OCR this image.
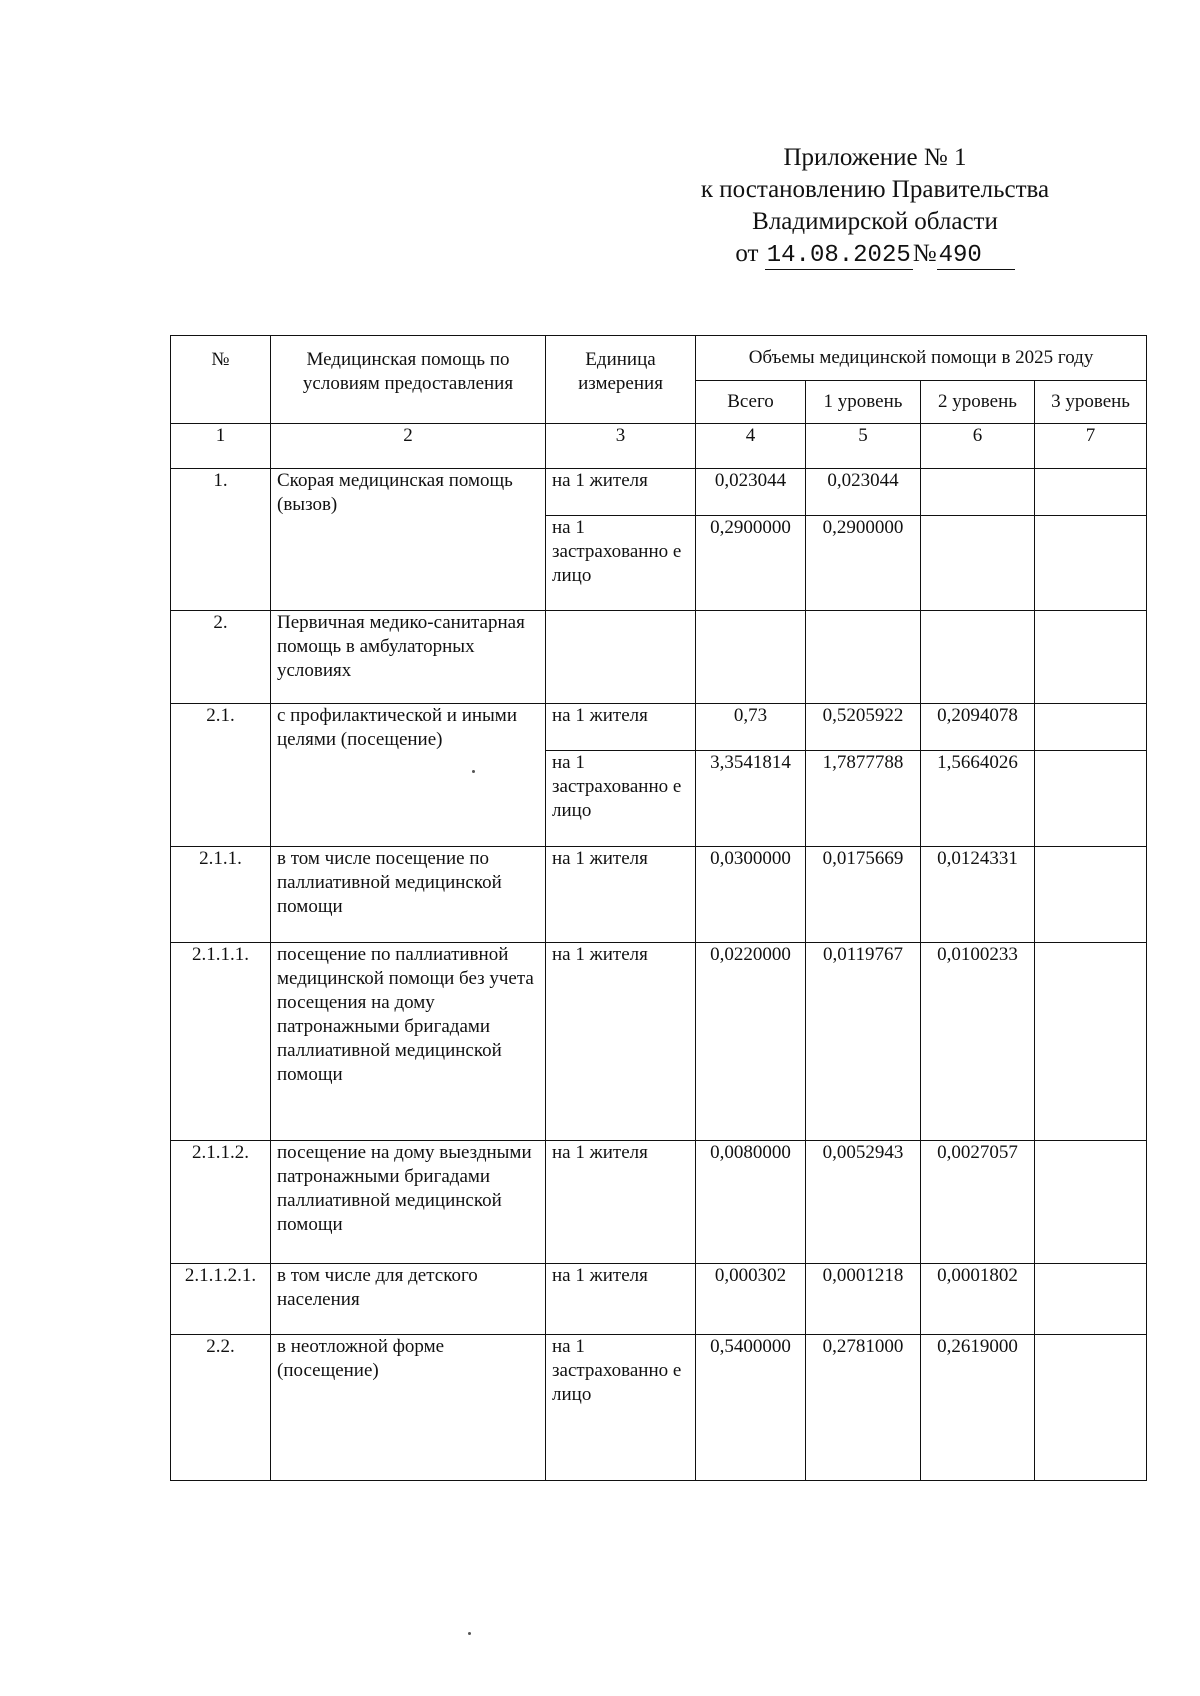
Приложение № 1
к постановлению Правительства
Владимирской области
от 14.08.2025№490
№	Медицинская помощь по условиям предоставления	Единица измерения	Объемы медицинской помощи в 2025 году			
			Всего	1 уровень	2 уровень	3 уровень
1	2	3	4	5	6	7
1.	Скорая медицинская помощь (вызов)	на 1 жителя	0,023044	0,023044		
		на 1 застрахованно е лицо	0,2900000	0,2900000		
2.	Первичная медико-санитарная помощь в амбулаторных условиях					
2.1.	с профилактической и иными целями (посещение)	на 1 жителя	0,73	0,5205922	0,2094078	
		на 1 застрахованно е лицо	3,3541814	1,7877788	1,5664026	
2.1.1.	в том числе посещение по паллиативной медицинской помощи	на 1 жителя	0,0300000	0,0175669	0,0124331	
2.1.1.1.	посещение по паллиативной медицинской помощи без учета посещения на дому патронажными бригадами паллиативной медицинской помощи	на 1 жителя	0,0220000	0,0119767	0,0100233	
2.1.1.2.	посещение на дому выездными патронажными бригадами паллиативной медицинской помощи	на 1 жителя	0,0080000	0,0052943	0,0027057	
2.1.1.2.1.	в том числе для детского населения	на 1 жителя	0,000302	0,0001218	0,0001802	
2.2.	в неотложной форме (посещение)	на 1 застрахованно е лицо	0,5400000	0,2781000	0,2619000	
